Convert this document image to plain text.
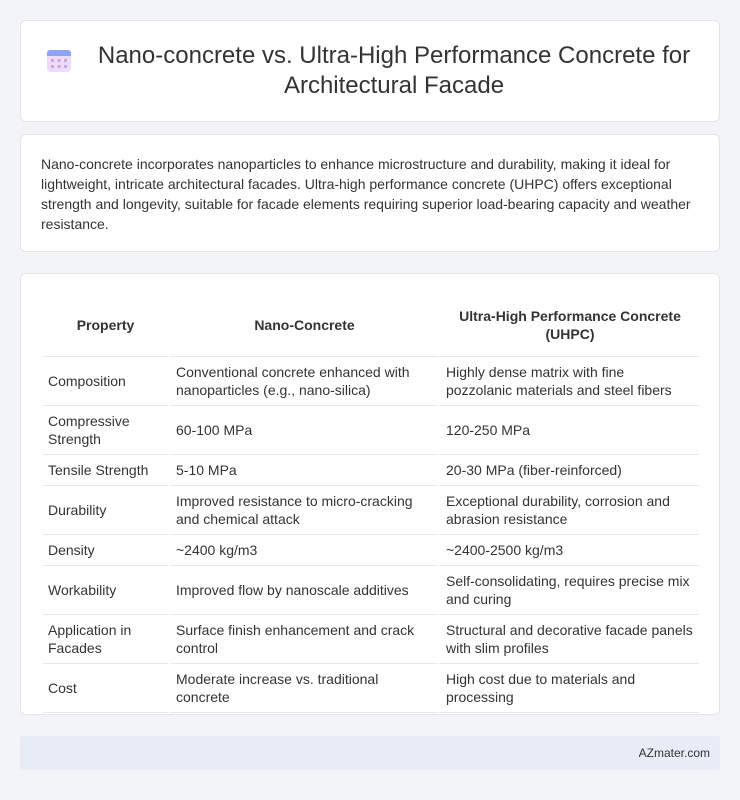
Nano-concrete vs. Ultra-High Performance Concrete for Architectural Facade

Nano-concrete incorporates nanoparticles to enhance microstructure and durability, making it ideal for lightweight, intricate architectural facades. Ultra-high performance concrete (UHPC) offers exceptional strength and longevity, suitable for facade elements requiring superior load-bearing capacity and weather resistance.

Property	Nano-Concrete	Ultra-High Performance Concrete (UHPC)
Composition	Conventional concrete enhanced with nanoparticles (e.g., nano-silica)	Highly dense matrix with fine pozzolanic materials and steel fibers
Compressive Strength	60-100 MPa	120-250 MPa
Tensile Strength	5-10 MPa	20-30 MPa (fiber-reinforced)
Durability	Improved resistance to micro-cracking and chemical attack	Exceptional durability, corrosion and abrasion resistance
Density	~2400 kg/m3	~2400-2500 kg/m3
Workability	Improved flow by nanoscale additives	Self-consolidating, requires precise mix and curing
Application in Facades	Surface finish enhancement and crack control	Structural and decorative facade panels with slim profiles
Cost	Moderate increase vs. traditional concrete	High cost due to materials and processing
AZmater.com
